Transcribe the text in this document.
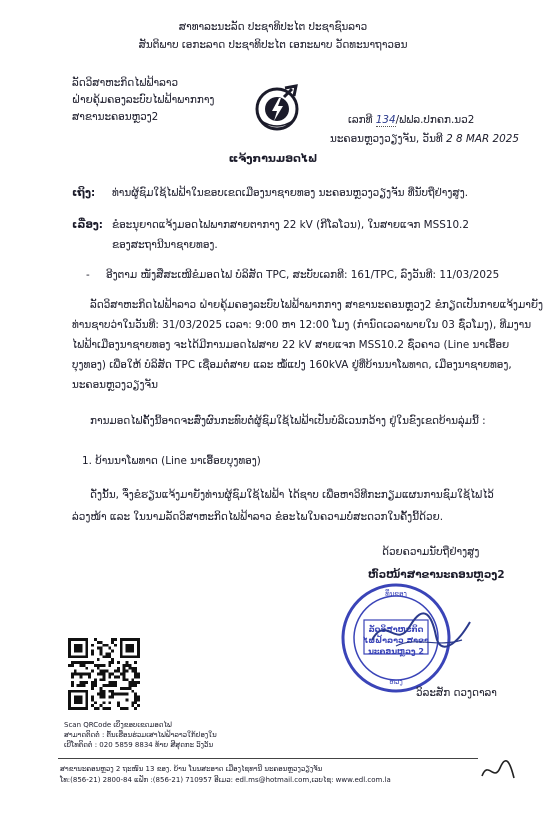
ສາທາລະນະລັດ ປະຊາທິປະໄຕ ປະຊາຊົນລາວ
ສັນຕິພາບ ເອກະລາດ ປະຊາທິປະໄຕ ເອກະພາບ ວັດທະນາຖາວອນ
ລັດວິສາຫະກິດໄຟຟ້າລາວ
ຝ່າຍຄຸ້ມຄອງລະບົບໄຟຟ້າພາກກາງ
ສາຂານະຄອນຫຼວງ2	ເລກທີ 134/ຟຟລ.ປກຄກ.ນວ2
ນະຄອນຫຼວງວຽງຈັນ, ວັນທີ 2 8 MAR 2025
ແຈ້ງການມອດໄຟ
ເຖິງ: ທ່ານຜູ້ຊົມໃຊ້ໄຟຟ້າໃນຂອບເຂດເມືອງນາຊາຍທອງ ນະຄອນຫຼວງວຽງຈັນ ທີ່ນັບຖືຢ່າງສູງ.
ເລື່ອງ: ຂໍອະນຸຍາດແຈ້ງມອດໄຟພາກສາຍຕາກາງ 22 kV (ກີໂລໂວນ), ໃນສາຍແຈກ MSS10.2
ຂອງສະຖານີນາຊາຍທອງ.
- ອີງຕາມ ໜັງສືສະເໜີຂໍມອດໄຟ ບໍລິສັດ TPC, ສະບັບເລກທີ: 161/TPC, ລົງວັນທີ: 11/03/2025
ລັດວິສາຫະກິດໄຟຟ້າລາວ ຝ່າຍຄຸ້ມຄອງລະບົບໄຟຟ້າພາກກາງ ສາຂານະຄອນຫຼວງ2 ຂໍກຽດເປັນກາຍແຈ້ງມາຍັງ
ທ່ານຊາບວ່າໃນວັນທີ: 31/03/2025 ເວລາ: 9:00 ຫາ 12:00 ໂມງ (ກຳນົດເວລາພາຍໃນ 03 ຊົ່ວໂມງ), ທີມງານ
ໄຟຟ້າເມືອງນາຊາຍທອງ ຈະໄດ້ມີການມອດໄຟສາຍ 22 kV ສາຍແຈກ MSS10.2 ຊົ່ວຄາວ (Line ນາເອື້ອຍ
ບຸງທອງ) ເພື່ອໃຫ້ ບໍລິສັດ TPC ເຊື່ອມຕໍ່ສາຍ ແລະ ໝໍ້ແປງ 160kVA ຢູ່ທີ່ບ້ານນາໂພທາດ, ເມືອງນາຊາຍທອງ,
ນະຄອນຫຼວງວຽງຈັນ
ການມອດໄຟຄັ້ງນີ້ອາດຈະສົ່ງຜົນກະທົບຕໍ່ຜູ້ຊົມໃຊ້ໄຟຟ້າເປັນບໍລິເວນກວ້າງ ຢູ່ໃນຂົງເຂດບ້ານລຸ່ມນີ້ :
1. ບ້ານນາໂພທາດ (Line ນາເອື້ອຍບຸງທອງ)
ດັ່ງນັ້ນ, ຈຶ່ງຂໍຮຽນແຈ້ງມາຍັງທ່ານຜູ້ຊົມໃຊ້ໄຟຟ້າ ໄດ້ຊາບ ເພື່ອຫາວິທີກະກຽມແຜນການຊົມໃຊ້ໄຟໄວ້
ລ່ວງໜ້າ ແລະ ໃນນາມລັດວິສາຫະກິດໄຟຟ້າລາວ ຂໍອະໄພໃນຄວາມບໍ່ສະດວກໃນຄັ້ງນີ້ດ້ວຍ.
ດ້ວຍຄວາມນັບຖືຢ່າງສູງ
ຫົວໜ້າສາຂານະຄອນຫຼວງ2
ທຶນຂອງ
ລັດວິສາຫະກິດ
ໄຟຟ້າລາວ ສາຂາ
ນະຄອນຫຼວງ 2
ຫວງ
ວິລະສັກ ດວງດາລາ
Scan QRCode ເບິ່ງຂອບເຂດມອດໄຟ
ສາມາດຕິດຕໍ່ : ຕົ້ນເຮືອນຮ່ວມເສາໄຟຟ້າລາວໃກ້ຢອງໃນ
ເບີໂທຕິດຕໍ່ : 020 5859 8834 ທ້າຍ ສີສຸດກະ ວົງວັນ
ສາຂານະຄອນຫຼວງ 2 ຖະໜົນ 13 ຂອງ. ບ້ານ ໂນນສະອາດ ເມືອງໄຊທານີ ນະຄອນຫຼວງວຽງຈັນ
ໂທ:(856-21) 2800-84 ແຟັກ :(856-21) 710957 ອີເມວ: edl.ms@hotmail.com,ເວບໄຊ: www.edl.com.la
